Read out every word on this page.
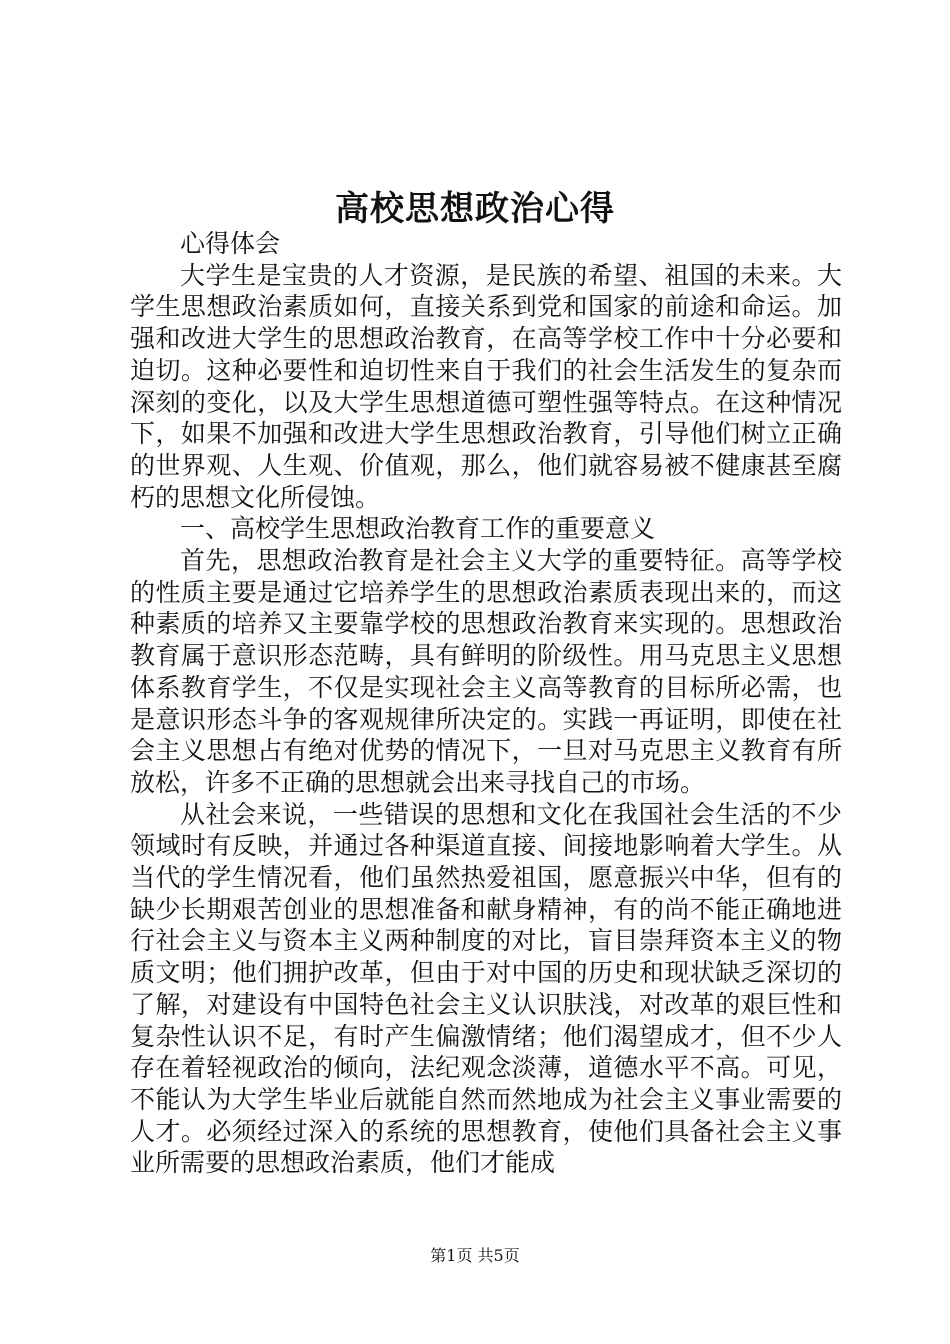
高校思想政治心得

心得体会

大学生是宝贵的人才资源，是民族的希望、祖国的未来。大学生思想政治素质如何，直接关系到党和国家的前途和命运。加强和改进大学生的思想政治教育，在高等学校工作中十分必要和迫切。这种必要性和迫切性来自于我们的社会生活发生的复杂而深刻的变化，以及大学生思想道德可塑性强等特点。在这种情况下，如果不加强和改进大学生思想政治教育，引导他们树立正确的世界观、人生观、价值观，那么，他们就容易被不健康甚至腐朽的思想文化所侵蚀。

一、高校学生思想政治教育工作的重要意义

首先，思想政治教育是社会主义大学的重要特征。高等学校的性质主要是通过它培养学生的思想政治素质表现出来的，而这种素质的培养又主要靠学校的思想政治教育来实现的。思想政治教育属于意识形态范畴，具有鲜明的阶级性。用马克思主义思想体系教育学生，不仅是实现社会主义高等教育的目标所必需，也是意识形态斗争的客观规律所决定的。实践一再证明，即使在社会主义思想占有绝对优势的情况下，一旦对马克思主义教育有所放松，许多不正确的思想就会出来寻找自己的市场。

从社会来说，一些错误的思想和文化在我国社会生活的不少领域时有反映，并通过各种渠道直接、间接地影响着大学生。从当代的学生情况看，他们虽然热爱祖国，愿意振兴中华，但有的缺少长期艰苦创业的思想准备和献身精神，有的尚不能正确地进行社会主义与资本主义两种制度的对比，盲目崇拜资本主义的物质文明；他们拥护改革，但由于对中国的历史和现状缺乏深切的了解，对建设有中国特色社会主义认识肤浅，对改革的艰巨性和复杂性认识不足，有时产生偏激情绪；他们渴望成才，但不少人存在着轻视政治的倾向，法纪观念淡薄，道德水平不高。可见，不能认为大学生毕业后就能自然而然地成为社会主义事业需要的人才。必须经过深入的系统的思想教育，使他们具备社会主义事业所需要的思想政治素质，他们才能成

第1页 共5页
